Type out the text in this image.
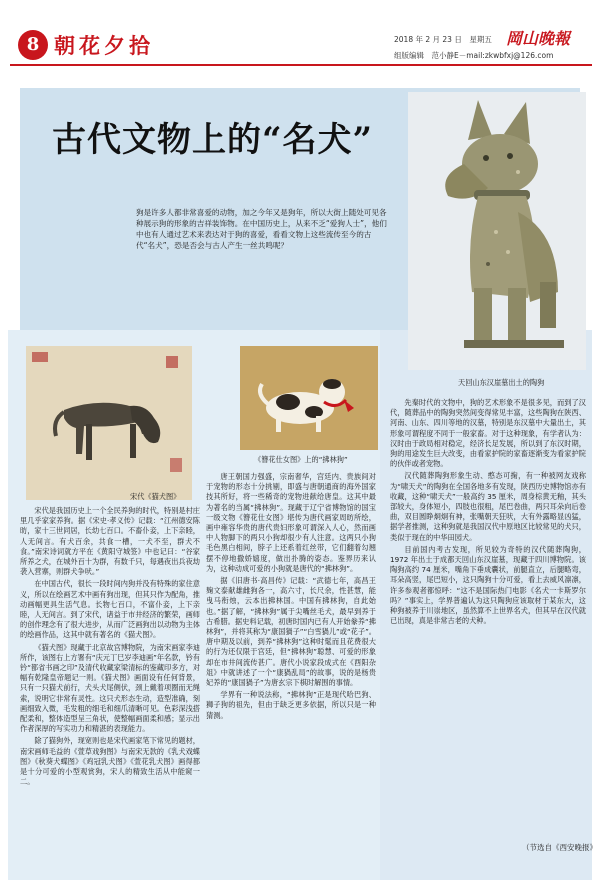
8 朝花夕拾	2018 年 2 月 23 日　星期五 岡山晚報
组版编辑　范小静 E－mail:zkwbfxj@126.com
古代文物上的“名犬”
狗是许多人都非常喜爱的动物，加之今年又是狗年，所以大街上随处可见各种展示狗的形象的吉祥装饰物。在中国历史上，从来不乏“爱狗人士”，他们中也有人通过艺术来表达对于狗的喜爱，看看文物上这些流传至今的古代“名犬”，恐是否会与古人产生一丝共鸣呢？
天回山东汉崖墓出土的陶狗
宋代《猫犬图》
《簪花仕女图》上的“拂林狗”

宋代是我国历史上一个全民养狗的时代，特别是村庄里几乎家家养狗。据《宋史·孝义传》记载：“江州德安陈昉，家十三世同居，长幼七百口。不畜仆妾，上下亲睦，人无间言。有犬百余，共食一槽，一犬不至，群犬不食。”南宋诗词就方平在《黄阳守城签》中也记曰：“谷家所养之犬，在城外百十为群，有数千只，每遇夜出兵夜劫袭入营寨，则群犬争吠。”

在中国古代，很长一段时间内狗并没有特殊的家住意义，所以在绘画艺术中画有狗出现，但其只作为配角，推动画幅更具生活气息。长物七百口，不富仆妾，上下亲睦，人无间言。到了宋代，诸益于市井经济的繁荣，画师的创作理念有了很大进步，从而广泛画狗出以动物为主体的绘画作品，这其中就有著名的《猫犬图》。

《猫犬图》现藏于北京故宫博物院，为南宋画家李迪所作，该图右上方署有“庆元丁巳岁李迪画”年名款，钤有钤“都省书画之印”及清代收藏家梁清标的鉴藏印多方，对幅有乾隆皇帝题记一则。《猫犬图》画面设有任何背景，只有一只猫犬前行，犬头犬尾侧伏，颈上戴着项圈而无绳索，说明它非常有灵性。这只犬形态生动，造型准确，刻画细致入微，毛发粗的细毛和细爪清晰可见。色彩深浅搭配柔和，整体造型呈三角状，使整幅画面柔和感；显示出作者深厚的写实功力和精湛的表现能力。

除了猫狗外，现宽则也是宋代画家笔下常见的题材，南宋画师毛益的《萱草戏狗图》与南宋无款的《乳犬戏蝶图》《秋葵犬蝶图》《鸡冠乳犬图》《萱花乳犬图》画得都是十分可爱的小型观赏狗，宋人的精致生活从中能窥一二。

唐王朝国力强盛，宗南奢华，宫廷内、贵族间对于宠物的形态十分挑剔，即盛与唐朝通商的海外国家技其所好，将一些稀奇的宠物进献给唐皇。这其中最为著名的当属“拂林狗”。现藏于辽宁省博物馆的国宝一级文物《簪花仕女图》堪传为唐代画家周昉所绘，画中雍容华贵的唐代贵妇形象可谓深入人心，然而画中人物脚下的两只小狗却很少有人注意。这两只小狗毛色黑白相间，脖子上还系着红丝带，它们翻着勾翘摆不停地撒娇嬉度，做出扑腾的姿态。鉴界历来认为，这种动成可爱的小狗就是唐代的“拂林狗”。

据《旧唐书·高昌传》记载：“武德七年，高昌王麹文泰献雄雌狗各一，高六寸，长尺余，性甚慧，能曳马衔烛，云本出拂林国。中国有拂林狗，自此始也。”据了解，“拂林狗”属于尖嘴丝毛犬，最早到养于古希腊。据史料记载，初唐时国内已有人开始豢养“拂林狗”，并将其称为“康国猧子”“白雪猧儿”或“花子”。唐中期及以前，到养“拂林狗”这种时髦而且花费很大的行为还仅限于宫廷，但“拂林狗”聪慧、可爱的形象却在市井间流传甚广。唐代小说家段成式在《酉阳杂俎》中就讲述了一个“康猧乱局”的故事，说的是杨贵妃养的“康国猧子”为唐玄宗下棋时解围的事情。

学界有一种说法称，“拂林狗”正是现代哈巴狗、狮子狗的祖先，但由于缺乏更多依据，所以只是一种猜测。

先秦时代的文物中，狗的艺术形象不是很多见，而到了汉代，随葬品中的陶狗突然间变得常见丰富，这些陶狗在陕西、河南、山东、四川等地的汉墓，特别是东汉墓中大量出土，其形象可谓程度不同于一般家畜。对于这种现象，有学者认为：汉时由于政局相对稳定，经济长足发展，所以到了东汉时期，狗的用途发生巨大改变，由看家护院的家畜逐渐变为看家护院的伙伴或者宠物。

汉代随葬陶狗形象生动、憨态可掬，有一种被网友戏称为“啸天犬”的陶狗在全国各地多有发现，陕西历史博物馆亦有收藏，这种“啸天犬”一般高约 35 厘米，周身棕黄无釉，其头部较大，身体短小，四肢也很粗，尾巴卷曲，两只耳朵向后卷曲，双目圆睁炯炯有神，张嘴朝天狂吠，大有外露略显凶猛，据学者推测，这种狗就是我国汉代中原地区比较常见的犬只，类似于现在的中华田园犬。

目前国内考古发现，所见较为奇特的汉代随葬陶狗，1972 年出土于成都天回山东汉崖墓，现藏于四川博物院。该陶狗高约 74 厘米，嘴角下垂成囊状，前腿直立，后腿略弯，耳朵高竖，尾巴短小，这只陶狗十分可爱，看上去威风凛凛，许多参观者都惊呼：“这不是国际热门电影《名犬一卡斯罗尔吗？”事实上，学界普遍认为这只陶狗应该取材于某东大，这种狗被养于川崇地区，虽然算不上世界名犬，但其早在汉代就已出现，真是非常古老的犬种。

（节选自《西安晚报》
